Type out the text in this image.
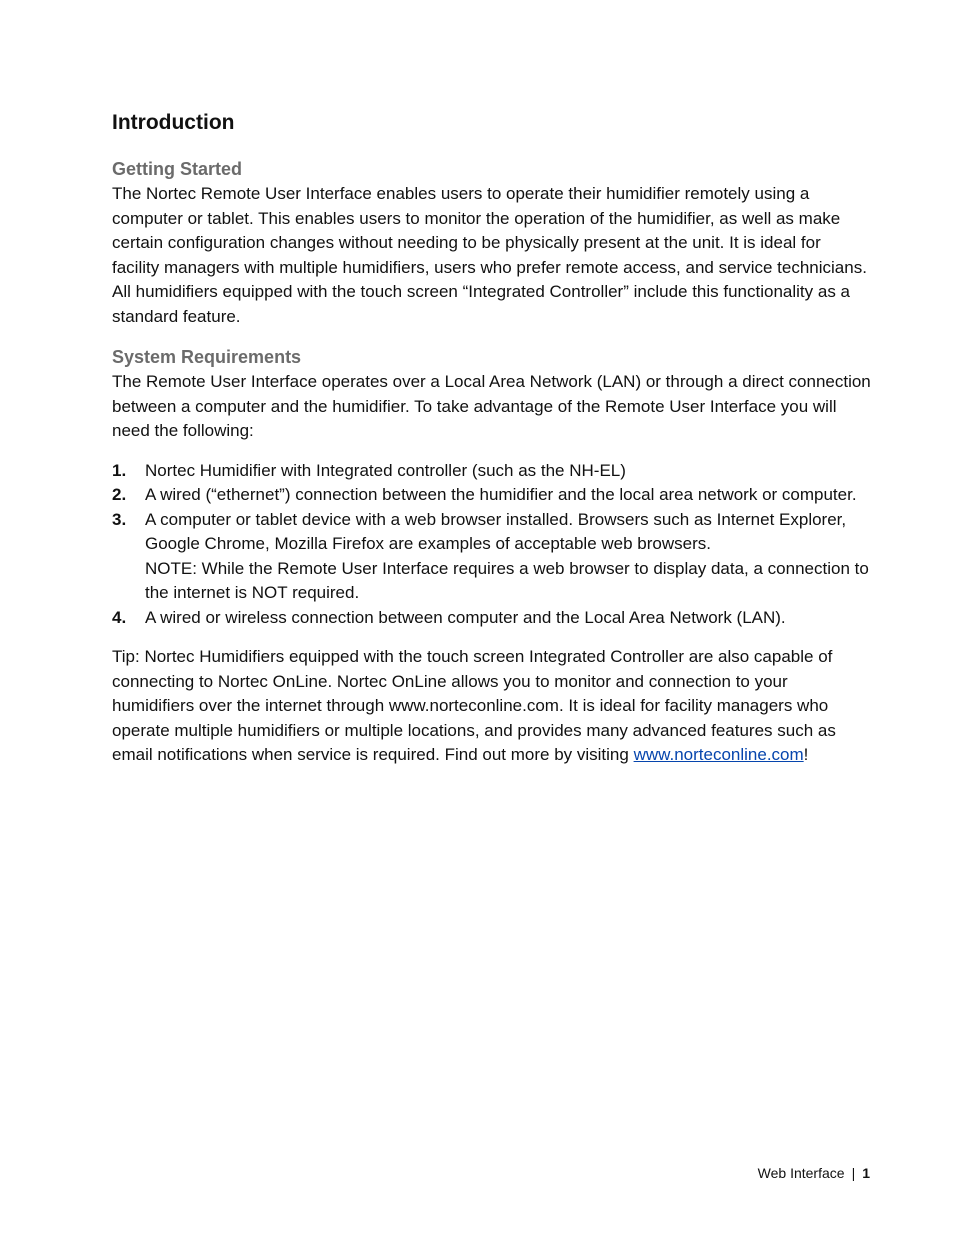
Introduction
Getting Started
The Nortec Remote User Interface enables users to operate their humidifier remotely using a computer or tablet. This enables users to monitor the operation of the humidifier, as well as make certain configuration changes without needing to be physically present at the unit. It is ideal for facility managers with multiple humidifiers, users who prefer remote access, and service technicians. All humidifiers equipped with the touch screen “Integrated Controller” include this functionality as a standard feature.
System Requirements
The Remote User Interface operates over a Local Area Network (LAN) or through a direct connection between a computer and the humidifier. To take advantage of the Remote User Interface you will need the following:
1.	Nortec Humidifier with Integrated controller (such as the NH-EL)
2.	A wired (“ethernet”) connection between the humidifier and the local area network or computer.
3.	A computer or tablet device with a web browser installed. Browsers such as Internet Explorer, Google Chrome, Mozilla Firefox are examples of acceptable web browsers.
NOTE: While the Remote User Interface requires a web browser to display data, a connection to the internet is NOT required.
4.	A wired or wireless connection between computer and the Local Area Network (LAN).
Tip: Nortec Humidifiers equipped with the touch screen Integrated Controller are also capable of connecting to Nortec OnLine. Nortec OnLine allows you to monitor and connection to your humidifiers over the internet through www.norteconline.com. It is ideal for facility managers who operate multiple humidifiers or multiple locations, and provides many advanced features such as email notifications when service is required. Find out more by visiting www.norteconline.com!
Web Interface | 1
